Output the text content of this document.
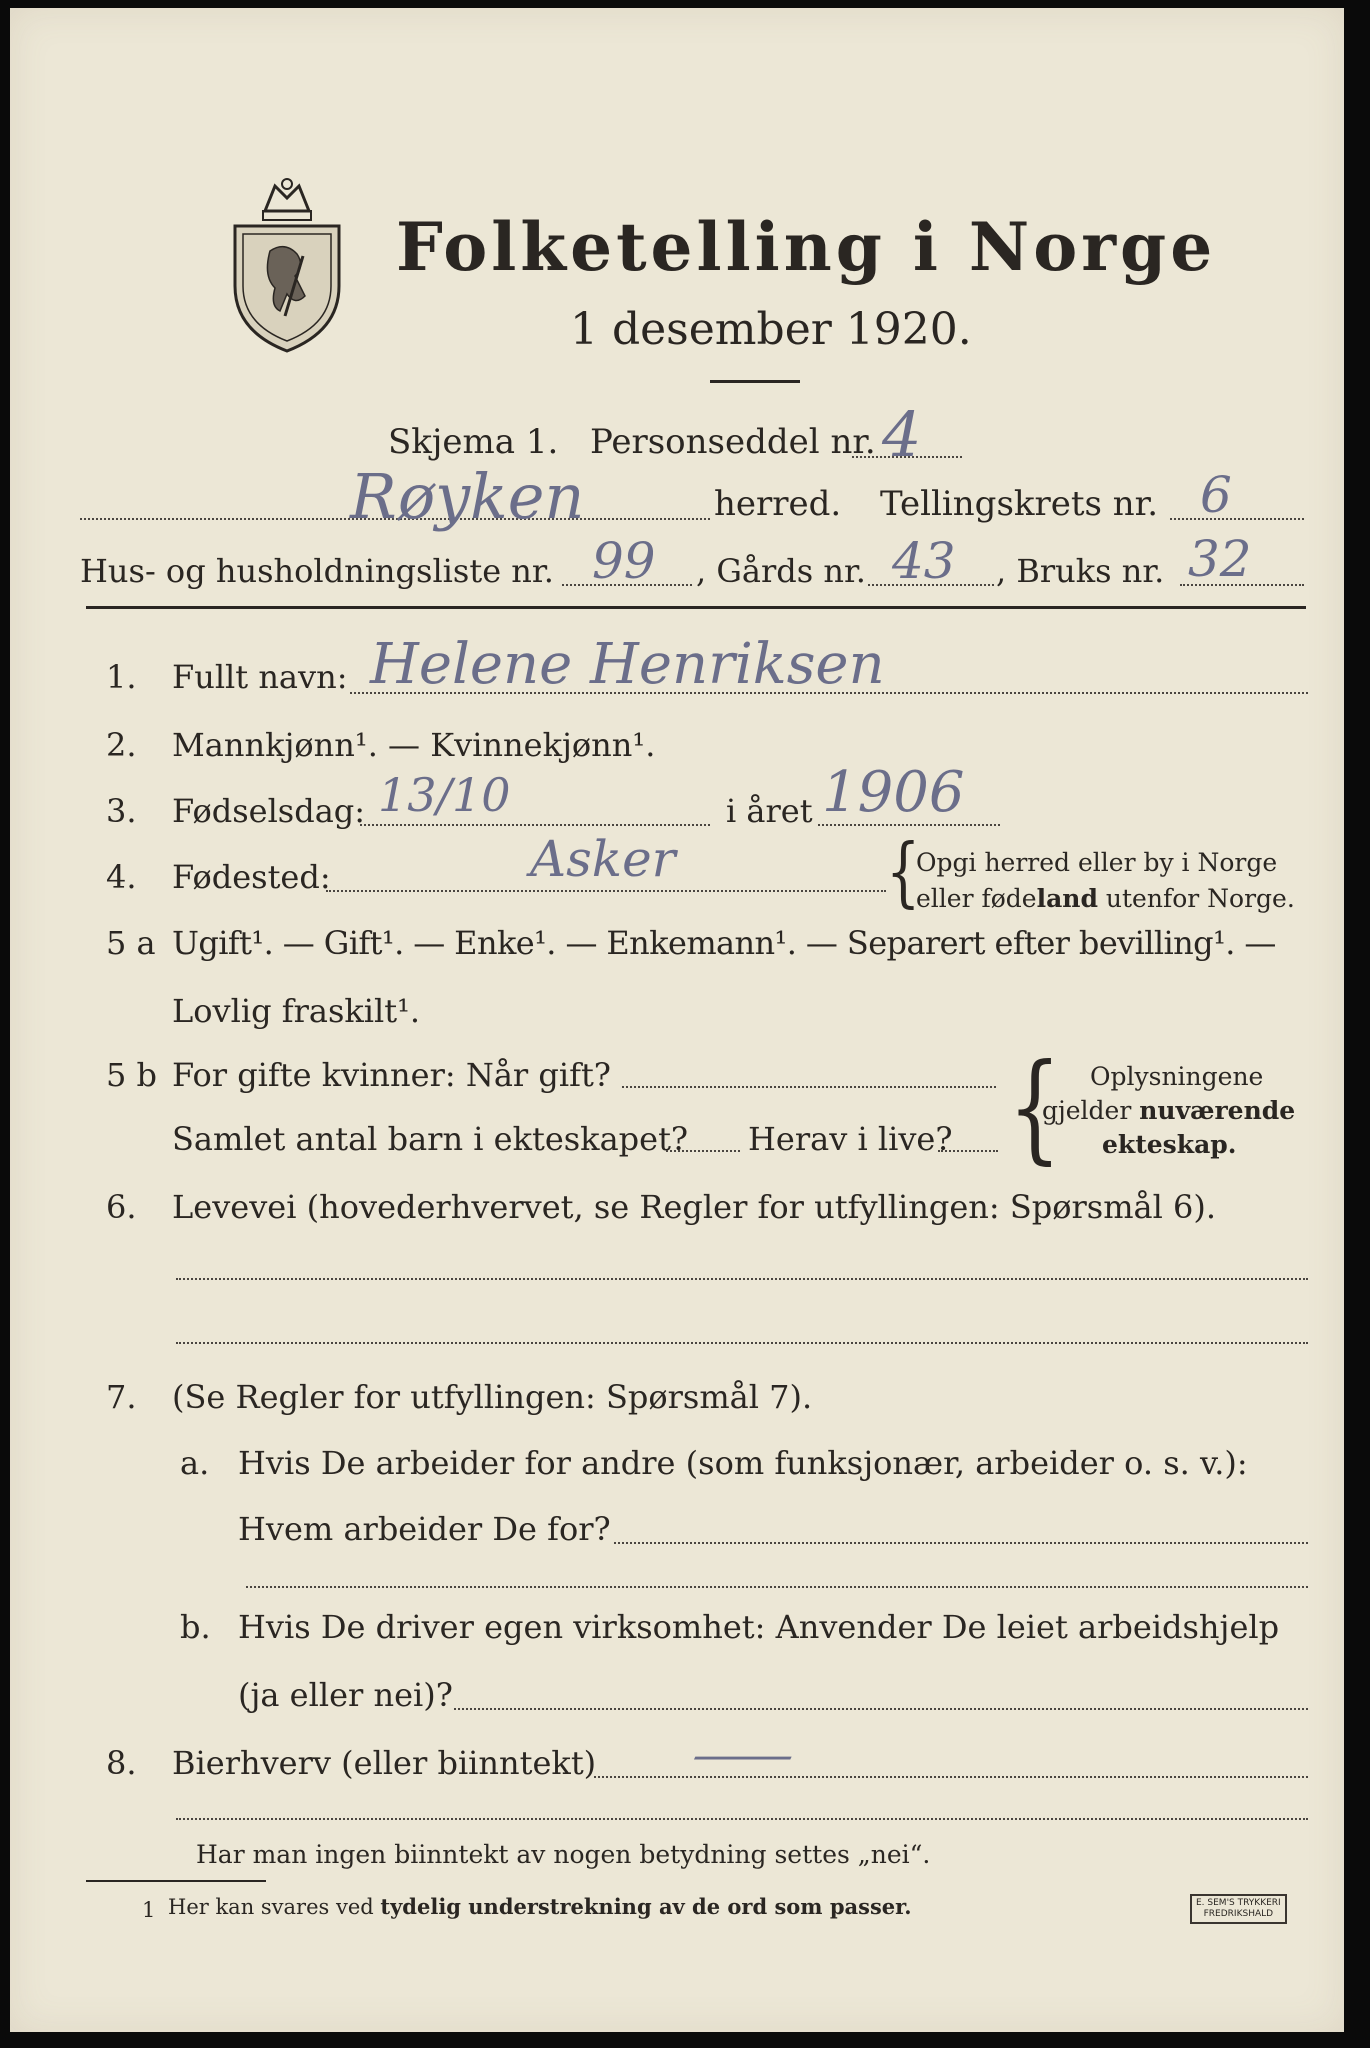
Folketelling i Norge
1 desember 1920.
Skjema 1. Personseddel nr. 4
Røyken	herred. Tellingskrets nr. 6
Hus- og husholdningsliste nr. 99 , Gårds nr. 43 , Bruks nr. 32
1. Fullt navn: Helene Henriksen
2. Mannkjønn¹. — Kvinnekjønn¹.
3. Fødselsdag: 13/10	i året 1906
4. Fødested:	Asker	{
Opgi herred eller by i Norge
eller fødeland utenfor Norge.
5 a Ugift¹. — Gift¹. — Enke¹. — Enkemann¹. — Separert efter bevilling¹. —
Lovlig fraskilt¹.
5 b For gifte kvinner: Når gift?
Samlet antal barn i ekteskapet? Herav i live? { Oplysningene
gjelder nuværende
ekteskap.
6. Levevei (hovederhvervet, se Regler for utfyllingen: Spørsmål 6).
7. (Se Regler for utfyllingen: Spørsmål 7).
a. Hvis De arbeider for andre (som funksjonær, arbeider o. s. v.):
Hvem arbeider De for?
b. Hvis De driver egen virksomhet: Anvender De leiet arbeidshjelp
(ja eller nei)?
8. Bierhverv (eller biinntekt) —
Har man ingen biinntekt av nogen betydning settes „nei“.
1 Her kan svares ved tydelig understrekning av de ord som passer.	E. SEM'S TRYKKERI
FREDRIKSHALD
